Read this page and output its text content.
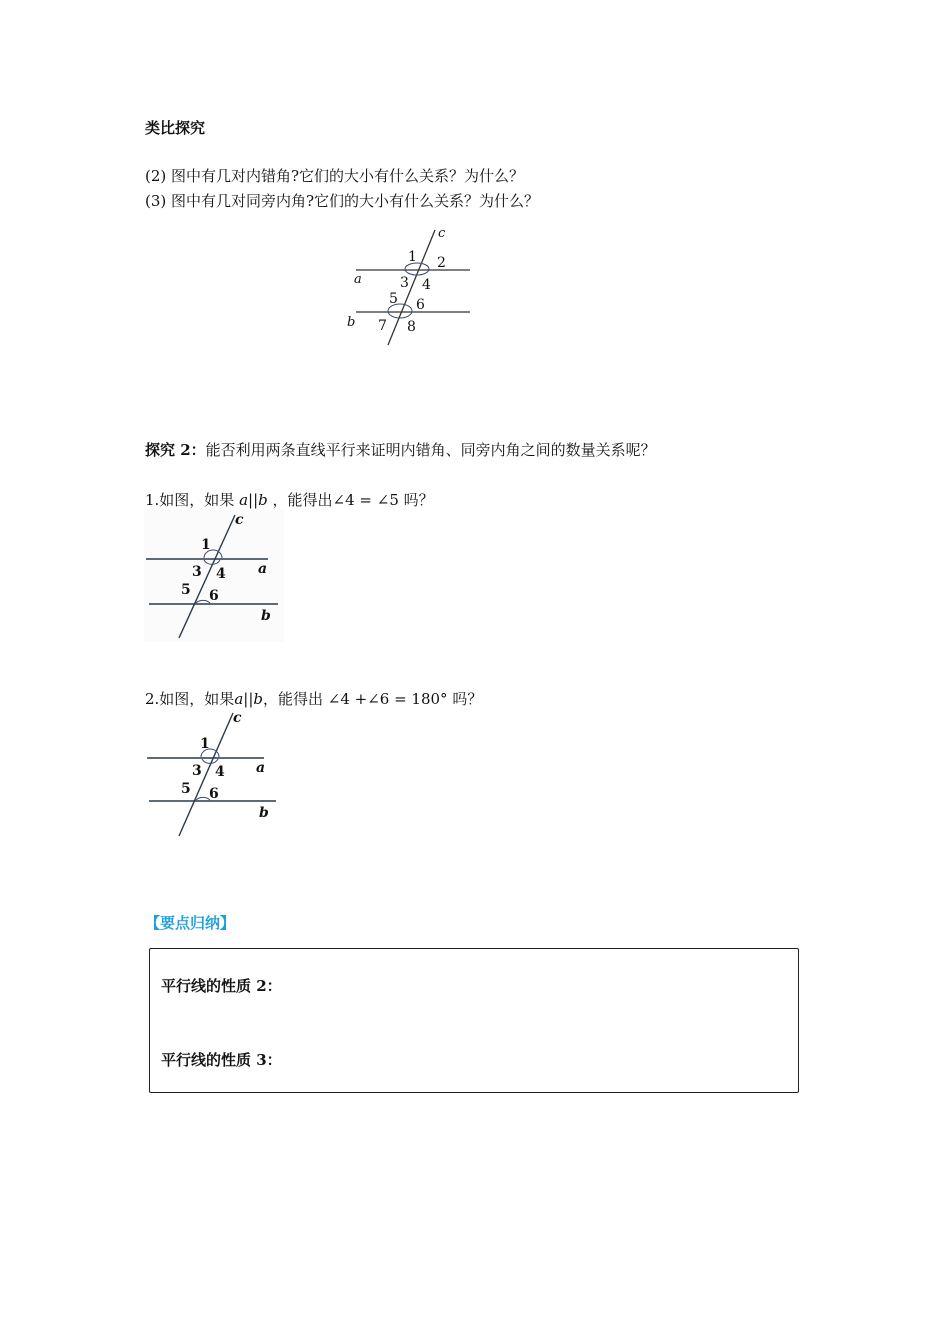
类比探究
(2) 图中有几对内错角?它们的大小有什么关系？为什么？
(3) 图中有几对同旁内角?它们的大小有什么关系？为什么？
c
a
b
1 2
3 4
5 6
7 8
探究 2：能否利用两条直线平行来证明内错角、同旁内角之间的数量关系呢？
1.如图，如果 a||b ，能得出∠4 = ∠5 吗？
c
a
b
1
3 4
5 6
2.如图，如果a||b，能得出 ∠4 +∠6 = 180° 吗？
c
a
b
1
3 4
5 6
【要点归纳】
平行线的性质 2：
平行线的性质 3：
